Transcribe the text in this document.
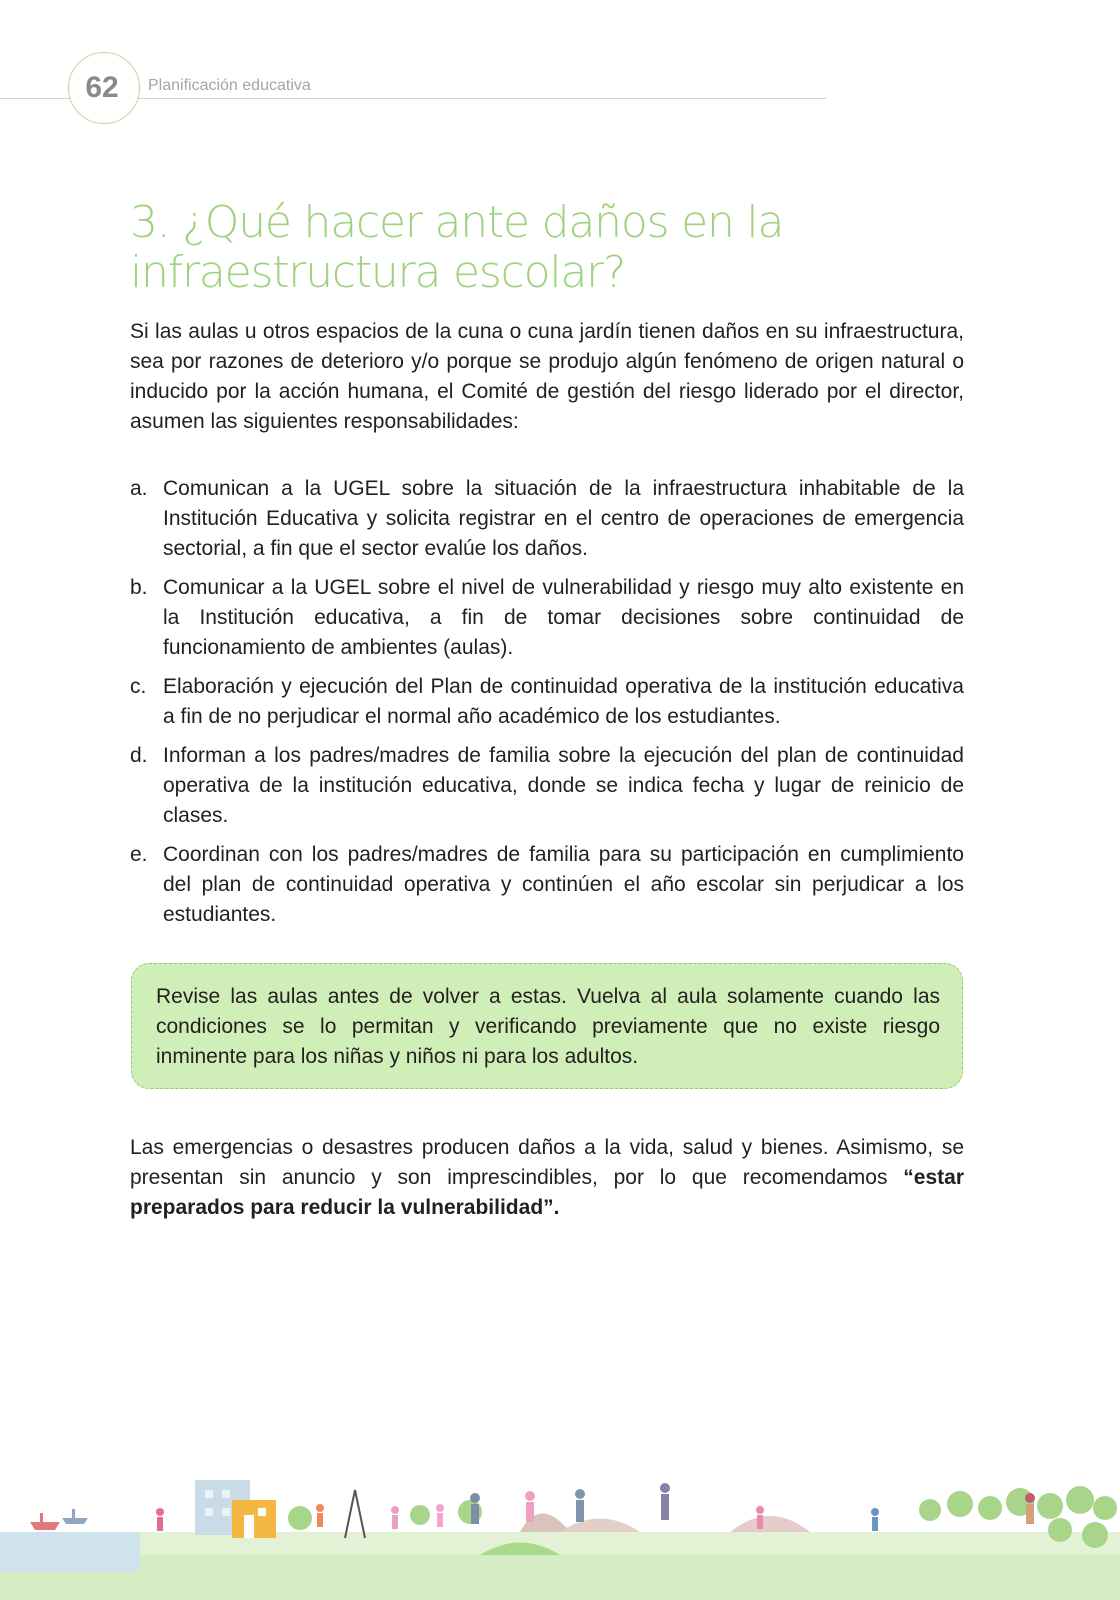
62 Planificación educativa
3. ¿Qué hacer ante daños en la infraestructura escolar?
Si las aulas u otros espacios de la cuna o cuna jardín tienen daños en su infraestructura, sea por razones de deterioro y/o porque se produjo algún fenómeno de origen natural o inducido por la acción humana, el Comité de gestión del riesgo liderado por el director, asumen las siguientes responsabilidades:
a. Comunican a la UGEL sobre la situación de la infraestructura inhabitable de la Institución Educativa y solicita registrar en el centro de operaciones de emergencia sectorial, a fin que el sector evalúe los daños.
b. Comunicar a la UGEL sobre el nivel de vulnerabilidad y riesgo muy alto existente en la Institución educativa, a fin de tomar decisiones sobre continuidad de funcionamiento de ambientes (aulas).
c. Elaboración y ejecución del Plan de continuidad operativa de la institución educativa a fin de no perjudicar el normal año académico de los estudiantes.
d. Informan a los padres/madres de familia sobre la ejecución del plan de continuidad operativa de la institución educativa, donde se indica fecha y lugar de reinicio de clases.
e. Coordinan con los padres/madres de familia para su participación en cumplimiento del plan de continuidad operativa y continúen el año escolar sin perjudicar a los estudiantes.
Revise las aulas antes de volver a estas. Vuelva al aula solamente cuando las condiciones se lo permitan y verificando previamente que no existe riesgo inminente para los niñas y niños ni para los adultos.
Las emergencias o desastres producen daños a la vida, salud y bienes. Asimismo, se presentan sin anuncio y son imprescindibles, por lo que recomendamos “estar preparados para reducir la vulnerabilidad”.
